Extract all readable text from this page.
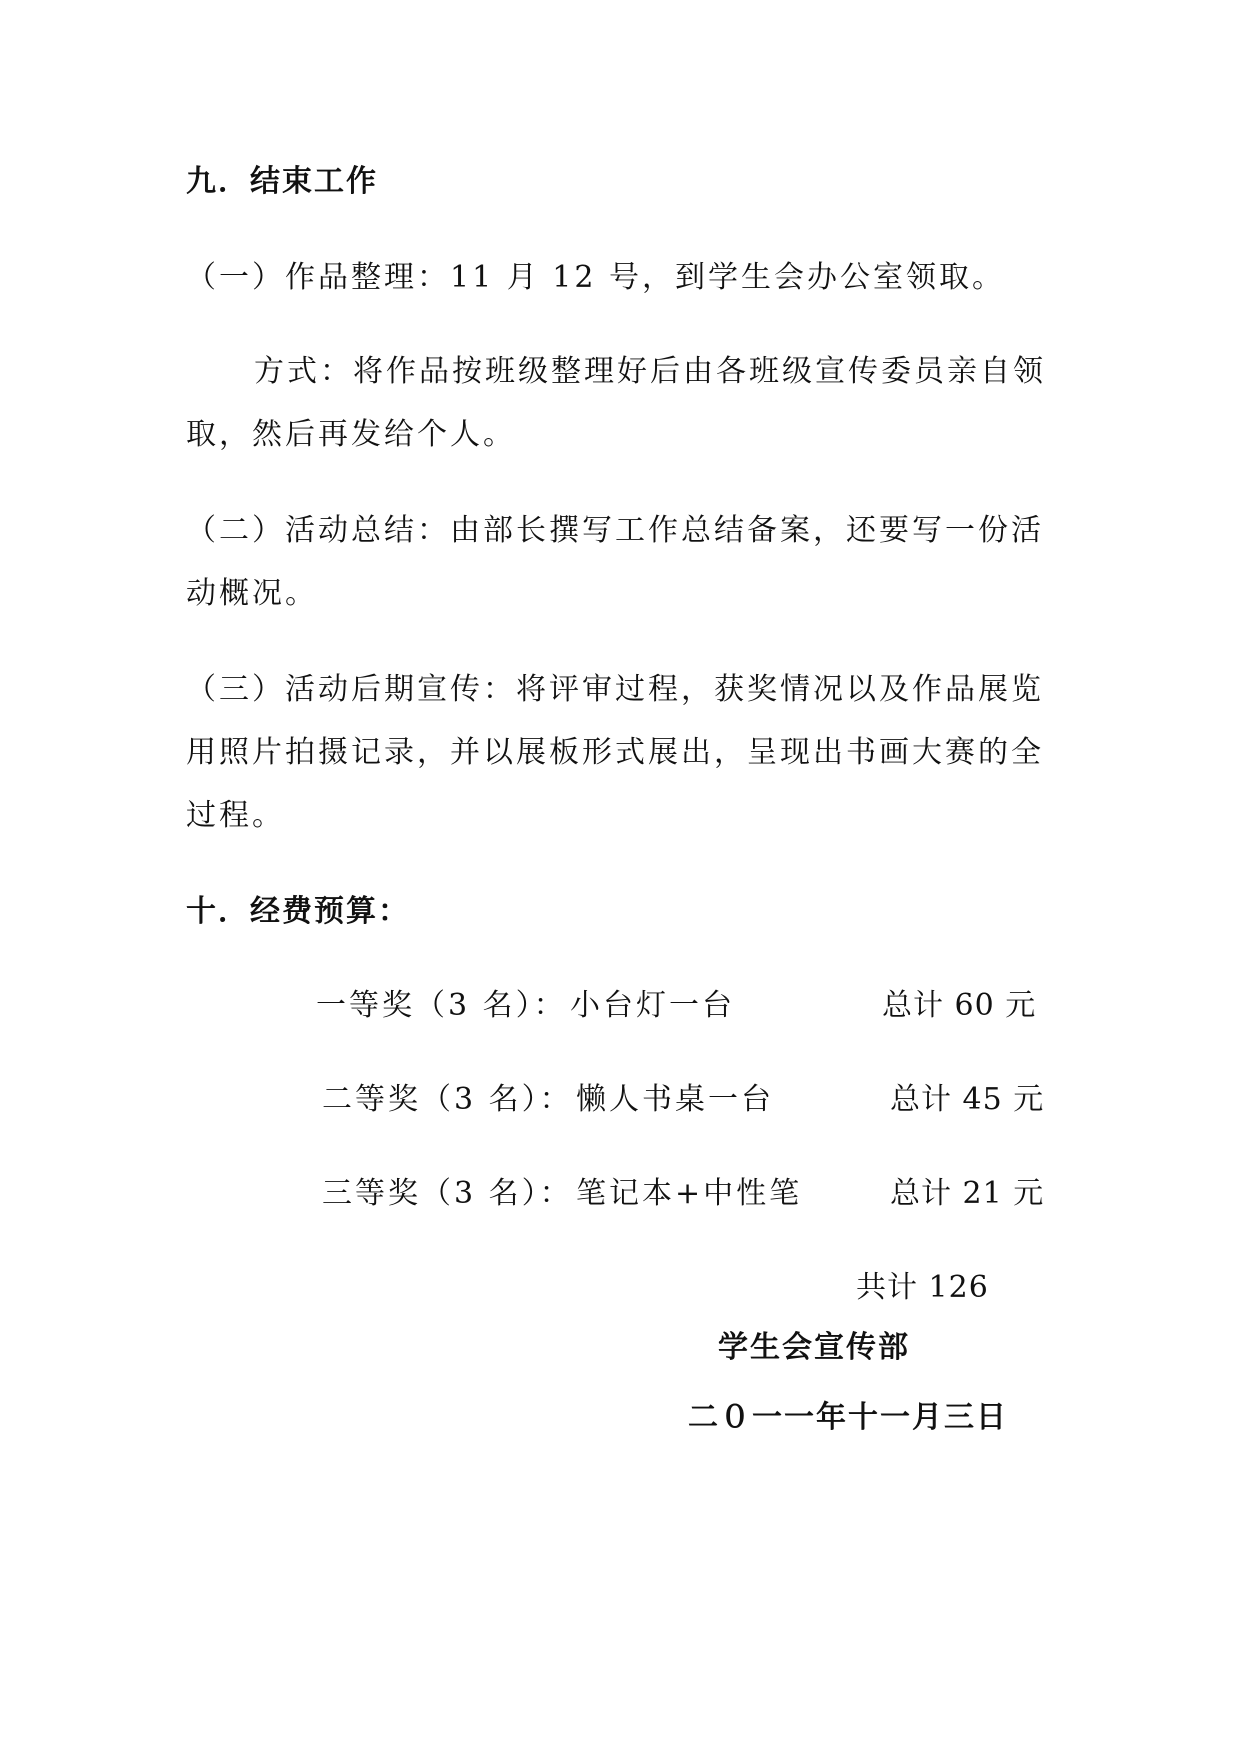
九．结束工作
（一）作品整理：11 月 12 号，到学生会办公室领取。
方式：将作品按班级整理好后由各班级宣传委员亲自领
取，然后再发给个人。
（二）活动总结：由部长撰写工作总结备案，还要写一份活
动概况。
（三）活动后期宣传：将评审过程，获奖情况以及作品展览
用照片拍摄记录，并以展板形式展出，呈现出书画大赛的全
过程。
十．经费预算：
一等奖（3 名）： 小台灯一台	总计 60 元
二等奖（3 名）： 懒人书桌一台	总计 45 元
三等奖（3 名）： 笔记本+中性笔	总计 21 元
共计 126
学生会宣传部
二０一一年十一月三日
